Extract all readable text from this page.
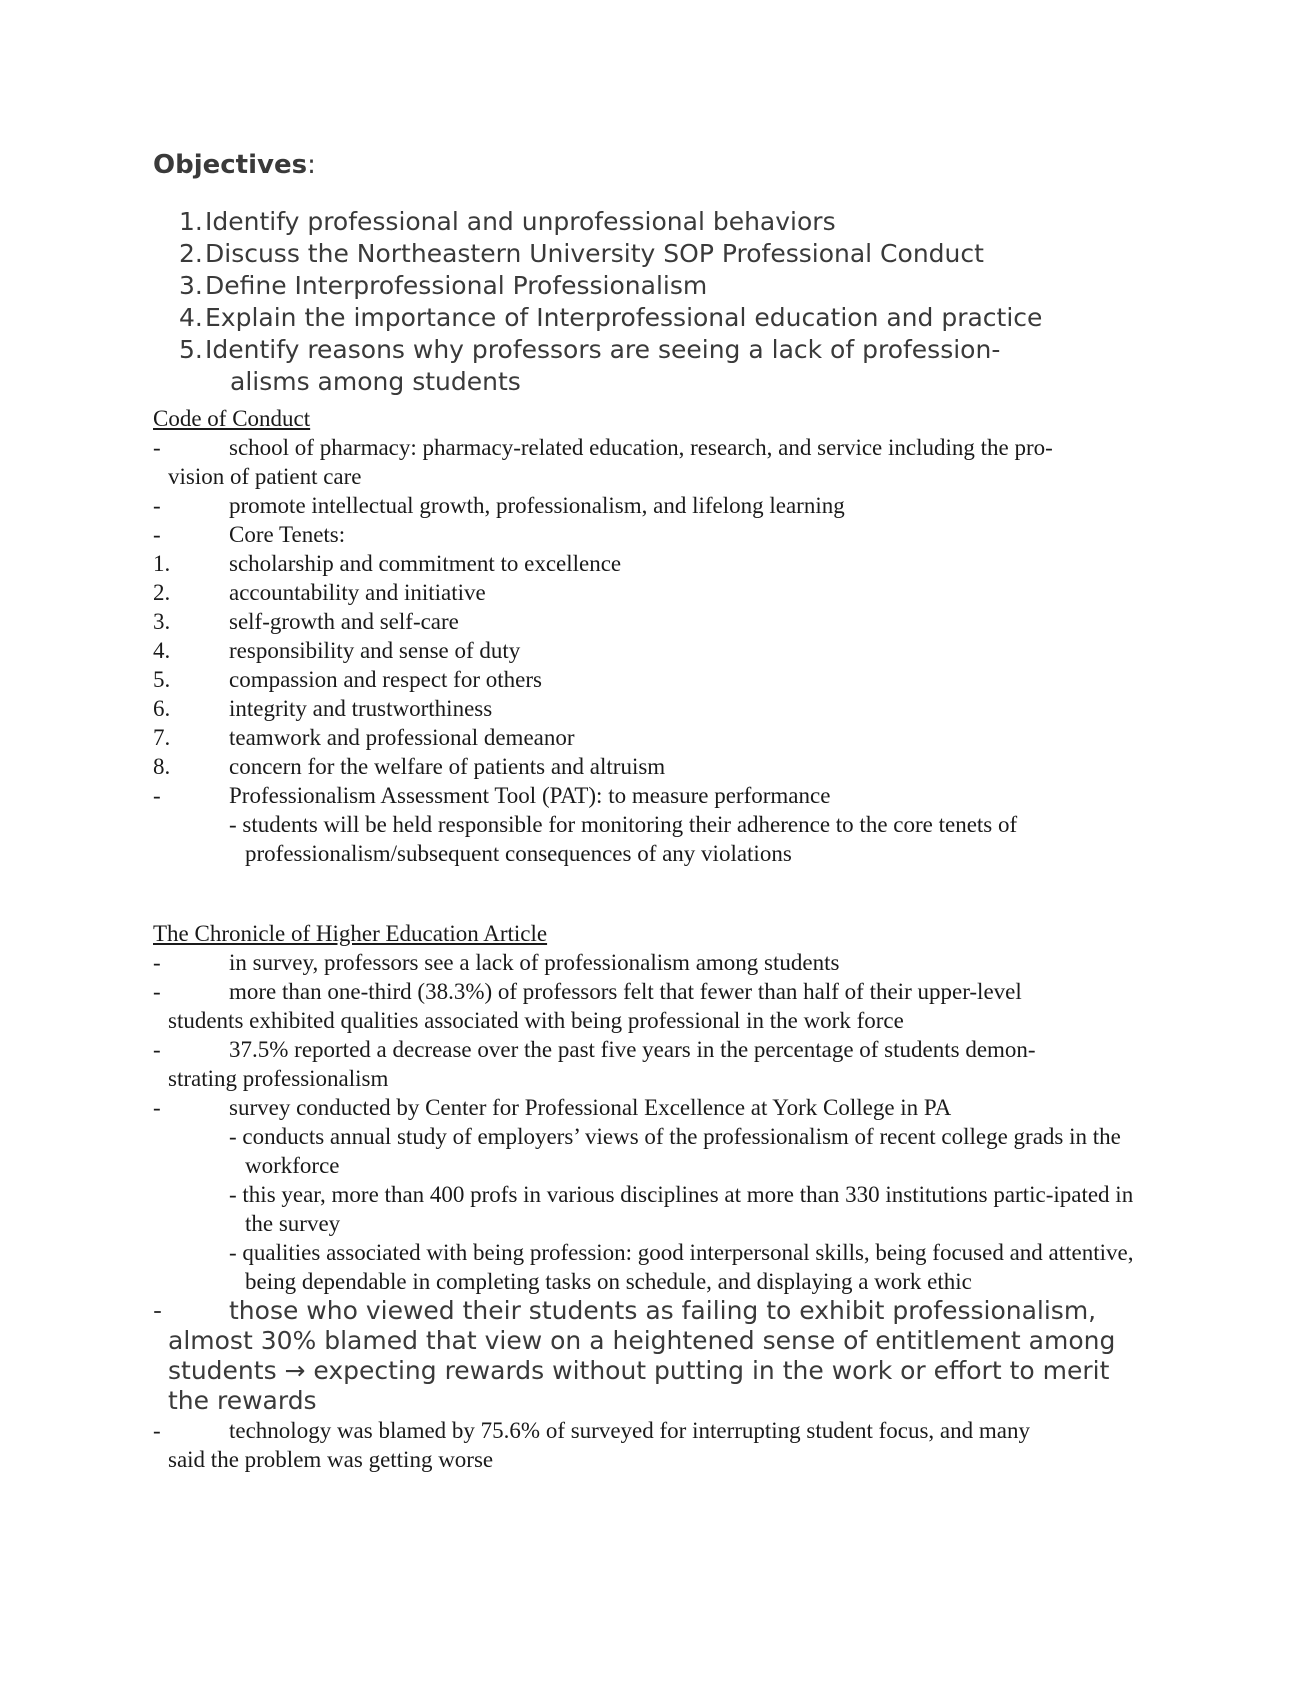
Objectives:
1. Identify professional and unprofessional behaviors
2. Discuss the Northeastern University SOP Professional Conduct
3. Define Interprofessional Professionalism
4. Explain the importance of Interprofessional education and practice
5. Identify reasons why professors are seeing a lack of profession-
alisms among students
Code of Conduct
-	school of pharmacy: pharmacy-related education, research, and service including the pro-
vision of patient care
-	promote intellectual growth, professionalism, and lifelong learning
-	Core Tenets:
1.	scholarship and commitment to excellence
2.	accountability and initiative
3.	self-growth and self-care
4.	responsibility and sense of duty
5.	compassion and respect for others
6.	integrity and trustworthiness
7.	teamwork and professional demeanor
8.	concern for the welfare of patients and altruism
-	Professionalism Assessment Tool (PAT): to measure performance
- students will be held responsible for monitoring their adherence to the core tenets of professionalism/subsequent consequences of any violations
The Chronicle of Higher Education Article
-	in survey, professors see a lack of professionalism among students
-	more than one-third (38.3%) of professors felt that fewer than half of their upper-level
students exhibited qualities associated with being professional in the work force
-	37.5% reported a decrease over the past five years in the percentage of students demon-
strating professionalism
-	survey conducted by Center for Professional Excellence at York College in PA
- conducts annual study of employers’ views of the professionalism of recent college grads in the workforce
- this year, more than 400 profs in various disciplines at more than 330 institutions partic-ipated in the survey
- qualities associated with being profession: good interpersonal skills, being focused and attentive, being dependable in completing tasks on schedule, and displaying a work ethic
-	those who viewed their students as failing to exhibit professionalism,
almost 30% blamed that view on a heightened sense of entitlement among students → expecting rewards without putting in the work or effort to merit the rewards
-	technology was blamed by 75.6% of surveyed for interrupting student focus, and many
said the problem was getting worse
